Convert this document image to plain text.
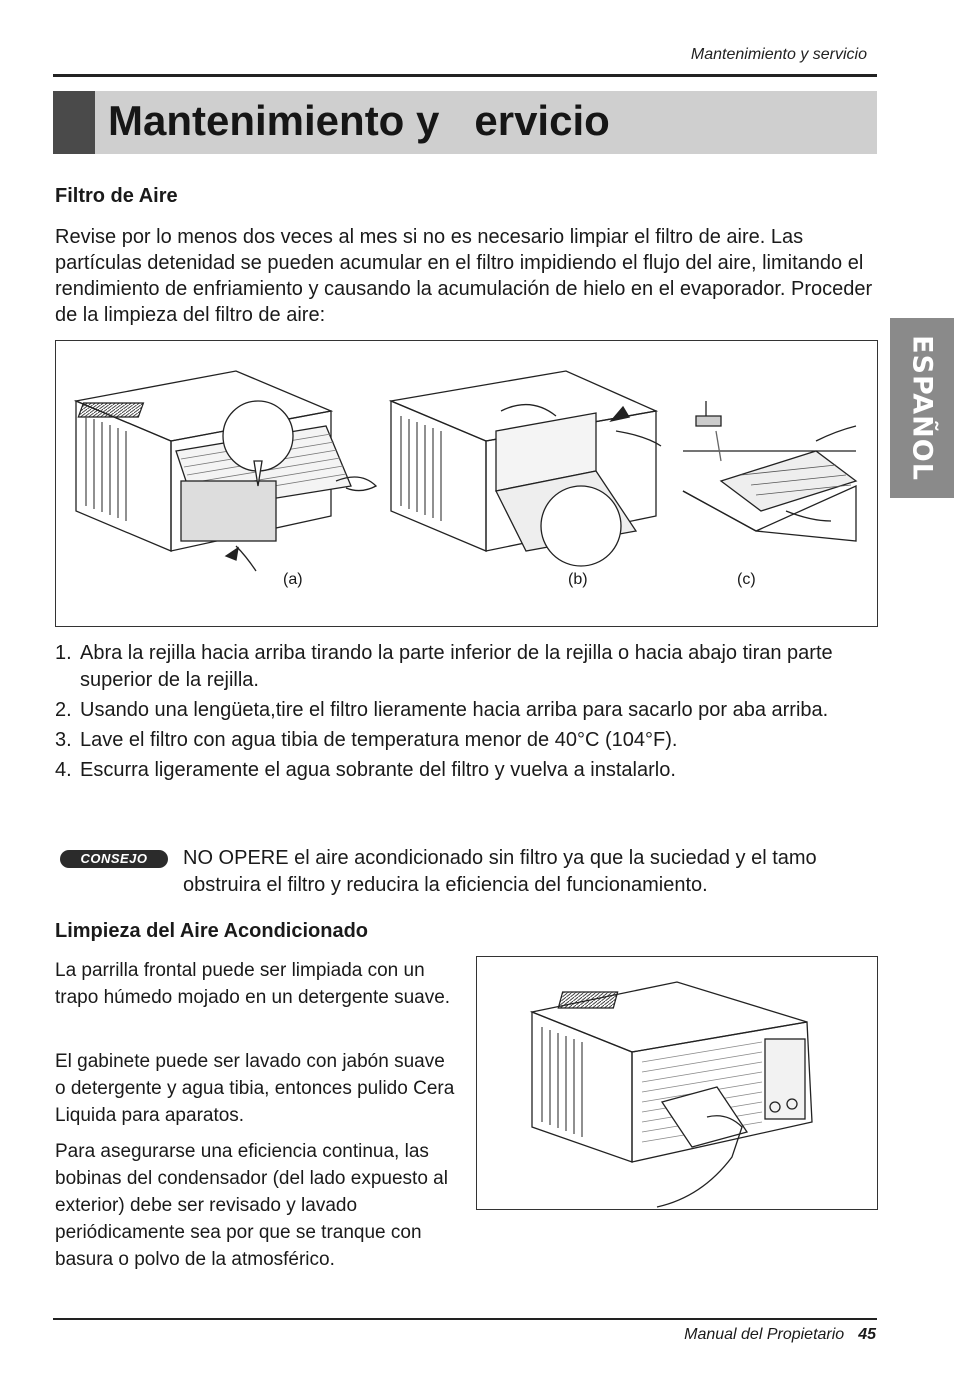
Mantenimiento y servicio
Mantenimiento y   ervicio
ESPAÑOL
Filtro de Aire
Revise por lo menos dos veces al mes si no es necesario limpiar el filtro de aire. Las partículas detenidad se pueden acumular en el filtro impidiendo el flujo del aire, limitando el rendimiento de enfriamiento y causando la acumulación de hielo en el evaporador. Proceder de la limpieza del filtro de aire:
(a)	(b)	(c)
1. Abra la rejilla hacia arriba tirando la parte inferior de la rejilla o hacia abajo tiran parte superior de la rejilla.
2. Usando una lengüeta,tire el filtro lieramente hacia arriba para sacarlo por aba arriba.
3. Lave el filtro con agua tibia de temperatura menor de 40°C (104°F).
4. Escurra ligeramente el agua sobrante del filtro y vuelva a instalarlo.
CONSEJO	NO OPERE el aire acondicionado sin filtro ya que la suciedad y el tamo obstruira el filtro y reducira la eficiencia del funcionamiento.
Limpieza del Aire Acondicionado
La parrilla frontal puede ser limpiada con un trapo húmedo mojado en un detergente suave.
El gabinete puede ser lavado con jabón suave o detergente y agua tibia, entonces pulido Cera Liquida para aparatos.
Para asegurarse una eficiencia continua, las bobinas del condensador (del lado expuesto al exterior) debe ser revisado y lavado periódicamente sea por que se tranque con basura o polvo de la atmosférico.
Manual del Propietario 45
